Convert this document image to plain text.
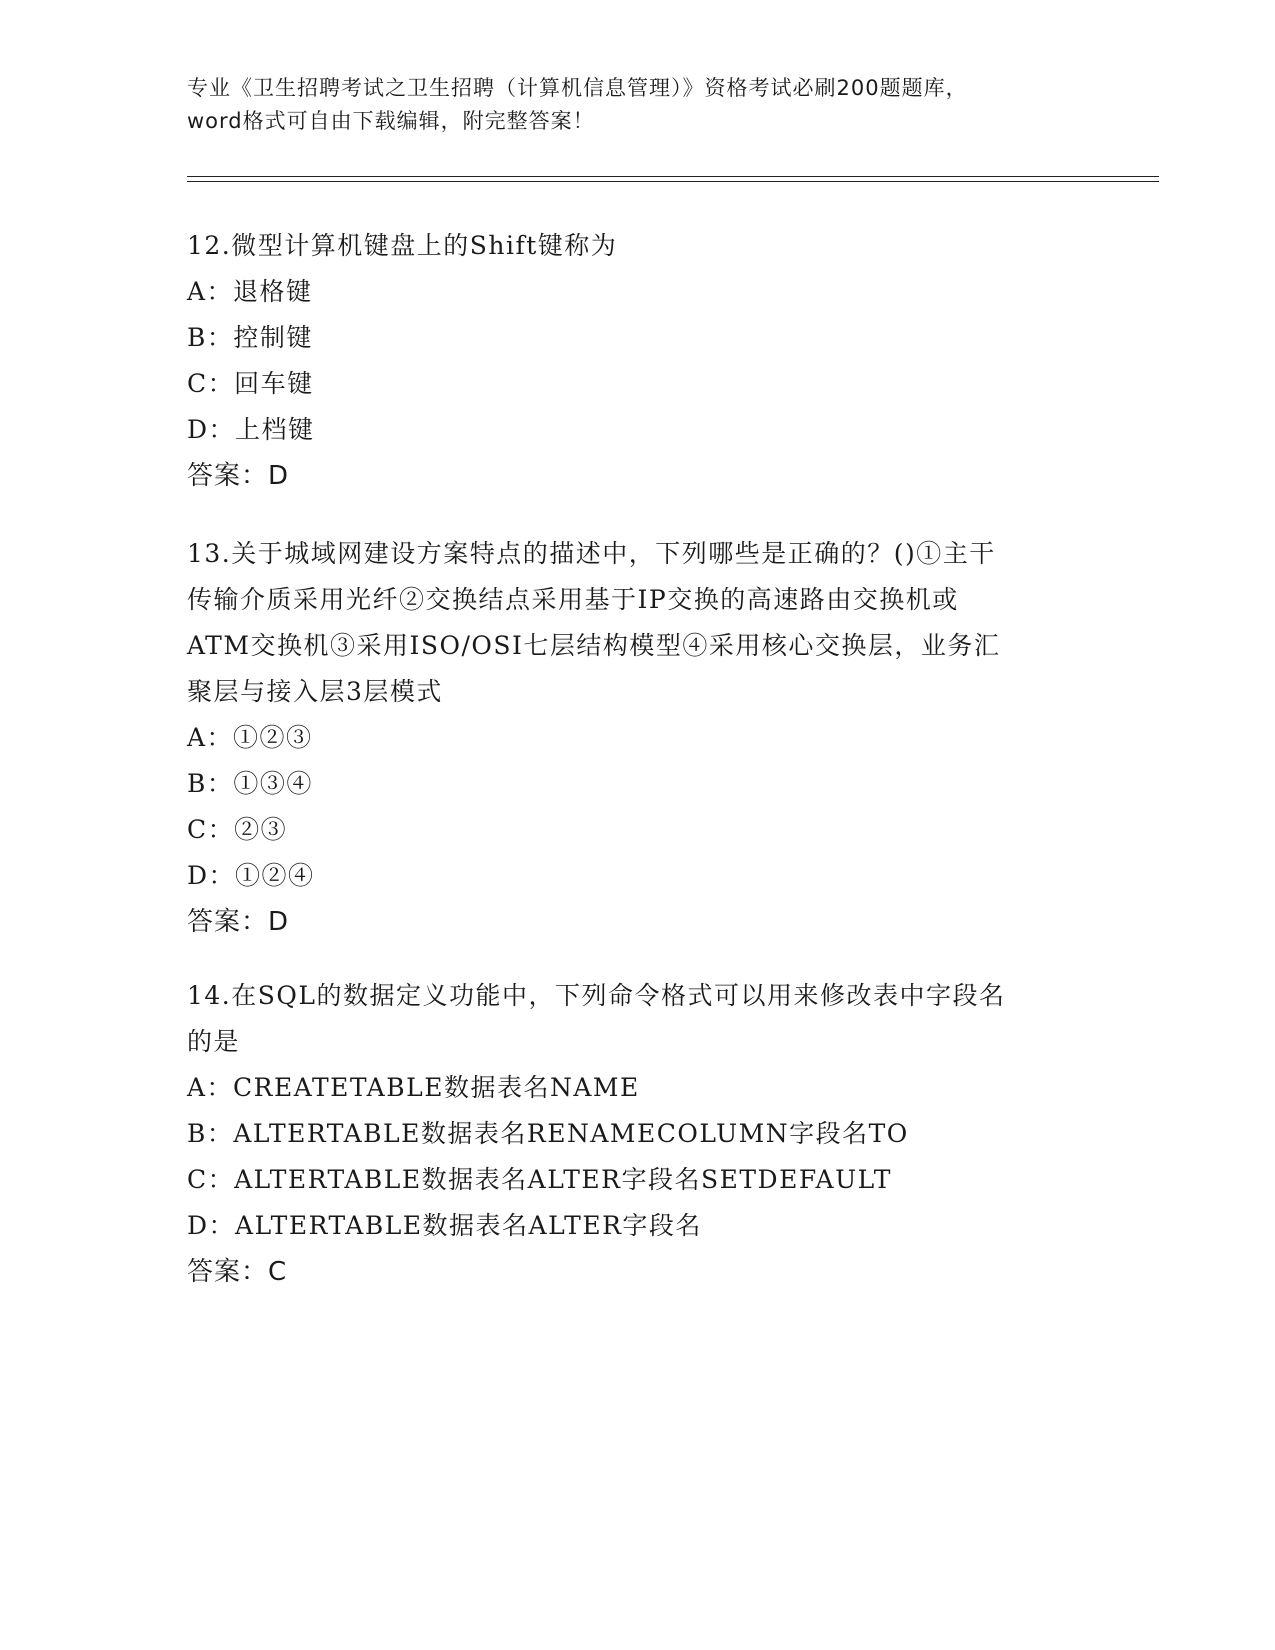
专业《卫生招聘考试之卫生招聘（计算机信息管理）》资格考试必刷200题题库，
word格式可自由下载编辑，附完整答案！

12.微型计算机键盘上的Shift键称为

A：退格键

B：控制键

C：回车键

D：上档键

答案：D

13.关于城域网建设方案特点的描述中，下列哪些是正确的？()①主干
传输介质采用光纤②交换结点采用基于IP交换的高速路由交换机或
ATM交换机③采用ISO/OSI七层结构模型④采用核心交换层，业务汇
聚层与接入层3层模式

A：①②③

B：①③④

C：②③

D：①②④

答案：D

14.在SQL的数据定义功能中，下列命令格式可以用来修改表中字段名
的是

A：CREATETABLE数据表名NAME

B：ALTERTABLE数据表名RENAMECOLUMN字段名TO

C：ALTERTABLE数据表名ALTER字段名SETDEFAULT

D：ALTERTABLE数据表名ALTER字段名

答案：C
